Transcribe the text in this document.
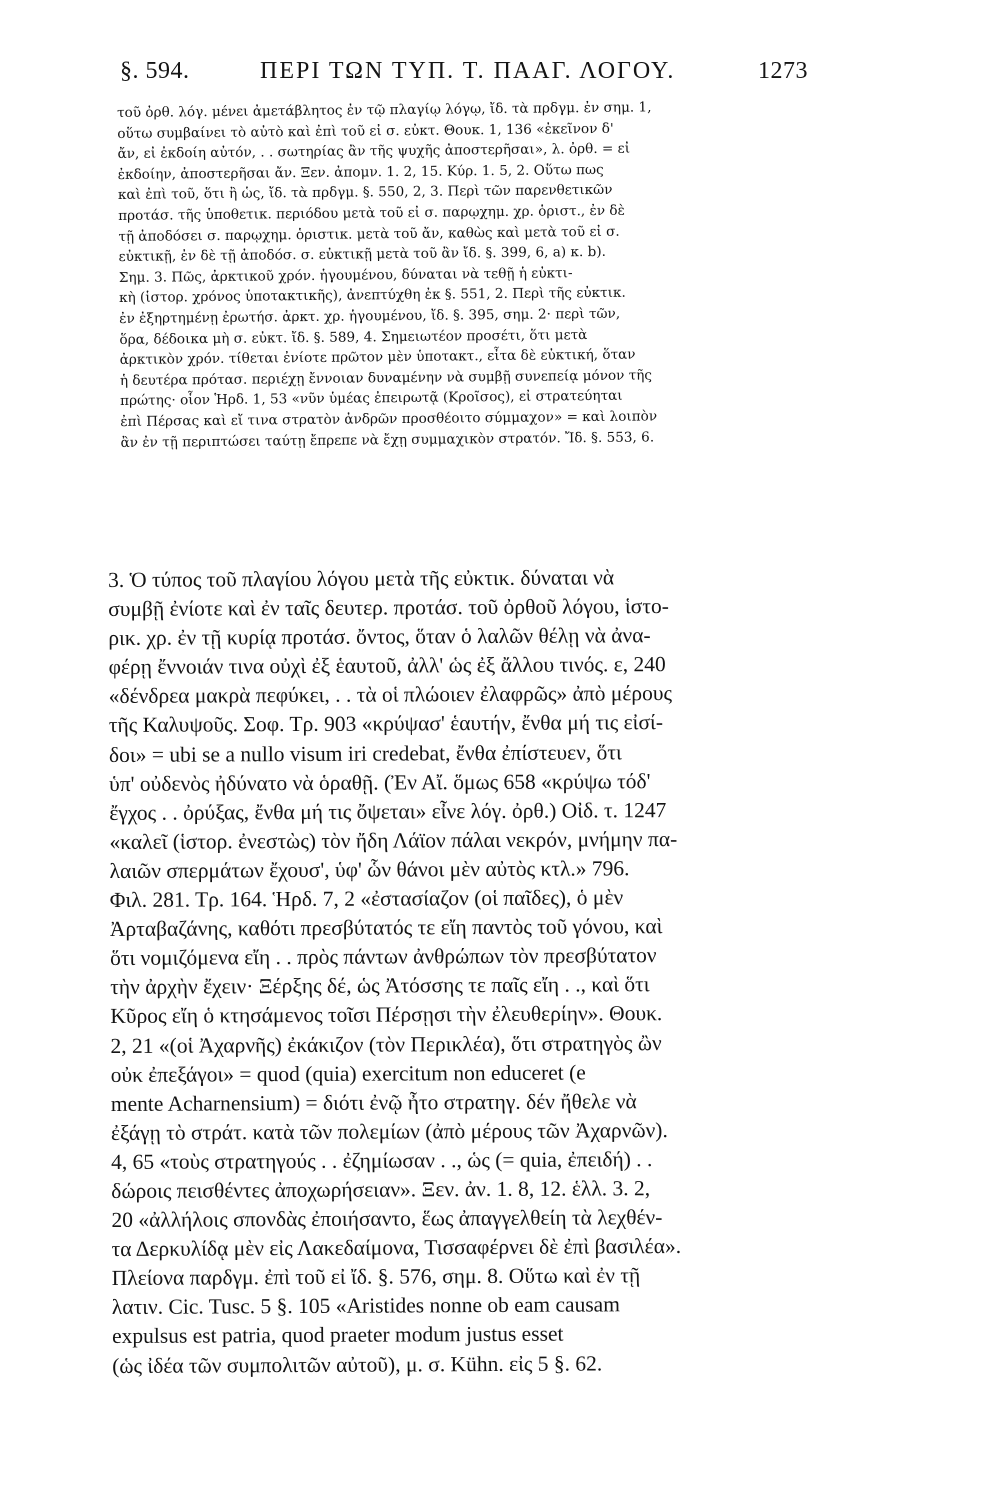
§. 594.	ΠΕΡΙ ΤΩΝ ΤΥΠ. Τ. ΠΑΑΓ. ΛΟΓΟΥ.	1273
τοῦ ὀρθ. λόγ. μένει ἀμετάβλητος ἐν τῷ πλαγίῳ λόγῳ, ἴδ. τὰ πρδγμ. ἐν σημ. 1,
οὕτω συμβαίνει τὸ αὐτὸ καὶ ἐπὶ τοῦ εἰ σ. εὐκτ. Θουκ. 1, 136 «ἐκεῖνον δ'
ἄν, εἰ ἐκδοίη αὐτόν, . . σωτηρίας ἂν τῆς ψυχῆς ἀποστερῆσαι», λ. ὀρθ. = εἰ
ἐκδοίην, ἀποστερῆσαι ἄν. Ξεν. ἀπομν. 1. 2, 15. Κύρ. 1. 5, 2. Οὕτω πως
καὶ ἐπὶ τοῦ, ὅτι ἢ ὡς, ἴδ. τὰ πρδγμ. §. 550, 2, 3. Περὶ τῶν παρενθετικῶν
προτάσ. τῆς ὑποθετικ. περιόδου μετὰ τοῦ εἰ σ. παρῳχημ. χρ. ὁριστ., ἐν δὲ
τῇ ἀποδόσει σ. παρῳχημ. ὁριστικ. μετὰ τοῦ ἄν, καθὼς καὶ μετὰ τοῦ εἰ σ.
εὐκτικῇ, ἐν δὲ τῇ ἀποδόσ. σ. εὐκτικῇ μετὰ τοῦ ἂν ἴδ. §. 399, 6, a) κ. b).
Σημ. 3. Πῶς, ἀρκτικοῦ χρόν. ἡγουμένου, δύναται νὰ τεθῇ ἡ εὐκτι-
κὴ (ἱστορ. χρόνος ὑποτακτικῆς), ἀνεπτύχθη ἐκ §. 551, 2. Περὶ τῆς εὐκτικ.
ἐν ἐξηρτημένῃ ἐρωτήσ. ἀρκτ. χρ. ἡγουμένου, ἴδ. §. 395, σημ. 2· περὶ τῶν,
ὅρα, δέδοικα μὴ σ. εὐκτ. ἴδ. §. 589, 4. Σημειωτέον προσέτι, ὅτι μετὰ
ἀρκτικὸν χρόν. τίθεται ἐνίοτε πρῶτον μὲν ὑποτακτ., εἶτα δὲ εὐκτική, ὅταν
ἡ δευτέρα πρότασ. περιέχῃ ἔννοιαν δυναμένην νὰ συμβῇ συνεπείᾳ μόνον τῆς
πρώτης· οἷον Ἡρδ. 1, 53 «νῦν ὑμέας ἐπειρωτᾷ (Κροῖσος), εἰ στρατεύηται
ἐπὶ Πέρσας καὶ εἴ τινα στρατὸν ἀνδρῶν προσθέοιτο σύμμαχον» = καὶ λοιπὸν
ἂν ἐν τῇ περιπτώσει ταύτῃ ἔπρεπε νὰ ἔχῃ συμμαχικὸν στρατόν. Ἴδ. §. 553, 6.
3. Ὁ τύπος τοῦ πλαγίου λόγου μετὰ τῆς εὐκτικ. δύναται νὰ
συμβῇ ἐνίοτε καὶ ἐν ταῖς δευτερ. προτάσ. τοῦ ὀρθοῦ λόγου, ἱστο-
ρικ. χρ. ἐν τῇ κυρίᾳ προτάσ. ὄντος, ὅταν ὁ λαλῶν θέλῃ νὰ ἀνα-
φέρῃ ἔννοιάν τινα οὐχὶ ἐξ ἑαυτοῦ, ἀλλ' ὡς ἐξ ἄλλου τινός. ε, 240
«δένδρεα μακρὰ πεφύκει, . . τὰ οἱ πλώοιεν ἐλαφρῶς» ἀπὸ μέρους
τῆς Καλυψοῦς. Σοφ. Τρ. 903 «κρύψασ' ἑαυτήν, ἔνθα μή τις εἰσί-
δοι» = ubi se a nullo visum iri credebat, ἔνθα ἐπίστευεν, ὅτι
ὑπ' οὐδενὸς ἠδύνατο νὰ ὁραθῇ. (Ἐν Αἴ. ὅμως 658 «κρύψω τόδ'
ἔγχος . . ὀρύξας, ἔνθα μή τις ὄψεται» εἶνε λόγ. ὀρθ.) Οἰδ. τ. 1247
«καλεῖ (ἱστορ. ἐνεστὼς) τὸν ἤδη Λάϊον πάλαι νεκρόν, μνήμην πα-
λαιῶν σπερμάτων ἔχουσ', ὑφ' ὧν θάνοι μὲν αὐτὸς κτλ.» 796.
Φιλ. 281. Τρ. 164. Ἡρδ. 7, 2 «ἐστασίαζον (οἱ παῖδες), ὁ μὲν
Ἀρταβαζάνης, καθότι πρεσβύτατός τε εἴη παντὸς τοῦ γόνου, καὶ
ὅτι νομιζόμενα εἴη . . πρὸς πάντων ἀνθρώπων τὸν πρεσβύτατον
τὴν ἀρχὴν ἔχειν· Ξέρξης δέ, ὡς Ἀτόσσης τε παῖς εἴη . ., καὶ ὅτι
Κῦρος εἴη ὁ κτησάμενος τοῖσι Πέρσῃσι τὴν ἐλευθερίην». Θουκ.
2, 21 «(οἱ Ἀχαρνῆς) ἐκάκιζον (τὸν Περικλέα), ὅτι στρατηγὸς ὢν
οὐκ ἐπεξάγοι» = quod (quia) exercitum non educeret (e
mente Acharnensium) = διότι ἐνῷ ἦτο στρατηγ. δέν ἤθελε νὰ
ἐξάγῃ τὸ στράτ. κατὰ τῶν πολεμίων (ἀπὸ μέρους τῶν Ἀχαρνῶν).
4, 65 «τοὺς στρατηγούς . . ἐζημίωσαν . ., ὡς (= quia, ἐπειδή) . .
δώροις πεισθέντες ἀποχωρήσειαν». Ξεν. ἀν. 1. 8, 12. ἑλλ. 3. 2,
20 «ἀλλήλοις σπονδὰς ἐποιήσαντο, ἕως ἀπαγγελθείη τὰ λεχθέν-
τα Δερκυλίδᾳ μὲν εἰς Λακεδαίμονα, Τισσαφέρνει δὲ ἐπὶ βασιλέα».
Πλείονα παρδγμ. ἐπὶ τοῦ εἰ ἴδ. §. 576, σημ. 8. Οὕτω καὶ ἐν τῇ
λατιν. Cic. Tusc. 5 §. 105 «Aristides nonne ob eam causam
expulsus est patria, quod praeter modum justus esset
(ὡς ἰδέα τῶν συμπολιτῶν αὐτοῦ), μ. σ. Kühn. εἰς 5 §. 62.
